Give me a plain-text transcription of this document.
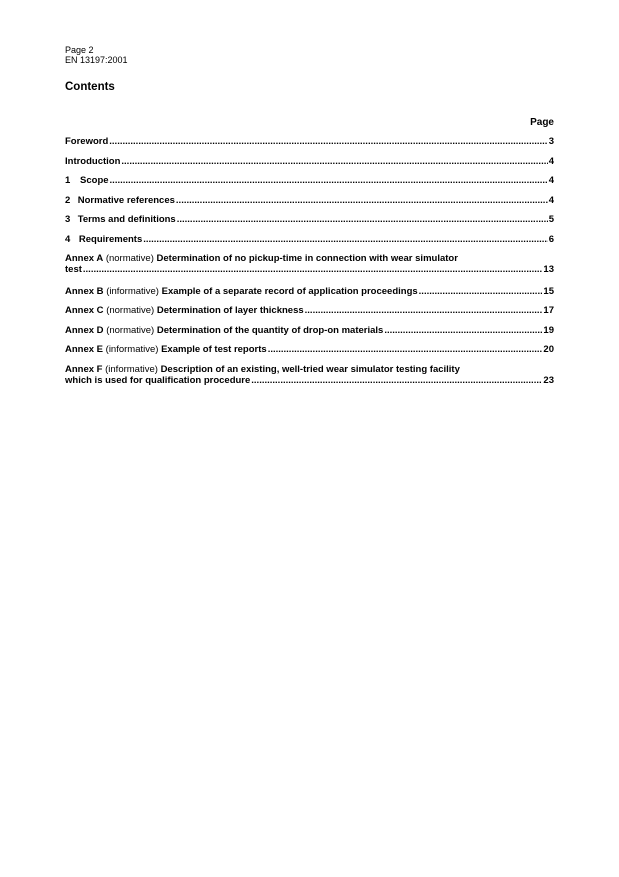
Page 2
EN 13197:2001
Contents
Page
Foreword .....	3
Introduction .....	4
1	Scope .....	4
2 Normative references .....	4
3 Terms and definitions .....	5
4 Requirements .....	6
Annex A (normative) Determination of no pickup-time in connection with wear simulator
test .....	13
Annex B (informative) Example of a separate record of application proceedings .....	15
Annex C (normative) Determination of layer thickness .....	17
Annex D (normative) Determination of the quantity of drop-on materials .....	19
Annex E (informative) Example of test reports .....	20
Annex F (informative) Description of an existing, well-tried wear simulator testing facility
which is used for qualification procedure .....	23
